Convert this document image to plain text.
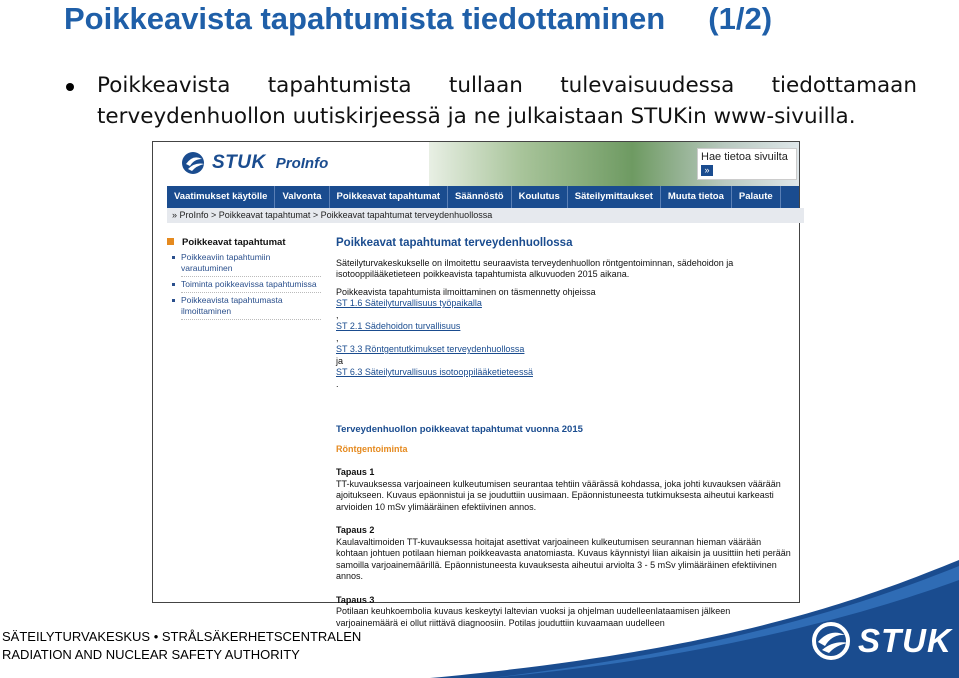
Poikkeavista tapahtumista tiedottaminen     (1/2)

Poikkeavista tapahtumista tullaan tulevaisuudessa tiedottamaan
terveydenhuollon uutiskirjeessä ja ne julkaistaan STUKin www-sivuilla.

STUK ProInfo	Hae tietoa sivuilta
»
Vaatimukset käytölle	Valvonta	Poikkeavat tapahtumat	Säännöstö	Koulutus	Säteilymittaukset	Muuta tietoa	Palaute
» ProInfo > Poikkeavat tapahtumat > Poikkeavat tapahtumat terveydenhuollossa
Poikkeavat tapahtumat
Poikkeaviin tapahtumiin varautuminen
Toiminta poikkeavissa tapahtumissa
Poikkeavista tapahtumasta ilmoittaminen
Poikkeavat tapahtumat terveydenhuollossa

Säteilyturvakeskukselle on ilmoitettu seuraavista terveydenhuollon röntgentoiminnan, sädehoidon ja isotooppilääketieteen poikkeavista tapahtumista alkuvuoden 2015 aikana.

Poikkeavista tapahtumista ilmoittaminen on täsmennetty ohjeissa

ST 1.6 Säteilyturvallisuus työpaikalla
,
ST 2.1 Sädehoidon turvallisuus
,
ST 3.3 Röntgentutkimukset terveydenhuollossa
ja
ST 6.3 Säteilyturvallisuus isotooppilääketieteessä
.

Terveydenhuollon poikkeavat tapahtumat vuonna 2015

Röntgentoiminta

Tapaus 1

TT-kuvauksessa varjoaineen kulkeutumisen seurantaa tehtiin väärässä kohdassa, joka johti kuvauksen väärään ajoitukseen. Kuvaus epäonnistui ja se jouduttiin uusimaan. Epäonnistuneesta tutkimuksesta aiheutui karkeasti arvioiden 10 mSv ylimääräinen efektiivinen annos.

Tapaus 2

Kaulavaltimoiden TT-kuvauksessa hoitajat asettivat varjoaineen kulkeutumisen seurannan hieman väärään kohtaan johtuen potilaan hieman poikkeavasta anatomiasta. Kuvaus käynnistyi liian aikaisin ja uusittiin heti perään samoilla varjoainemäärillä. Epäonnistuneesta kuvauksesta aiheutui arviolta 3 - 5 mSv ylimääräinen efektiivinen annos.

Tapaus 3

Potilaan keuhkoembolia kuvaus keskeytyi laltevian vuoksi ja ohjelman uudelleenlataamisen jälkeen varjoainemäärä ei ollut riittävä diagnoosiin. Potilas jouduttiin kuvaamaan uudelleen	STUK
SÄTEILYTURVAKESKUS • STRÅLSÄKERHETSCENTRALEN
RADIATION AND NUCLEAR SAFETY AUTHORITY
